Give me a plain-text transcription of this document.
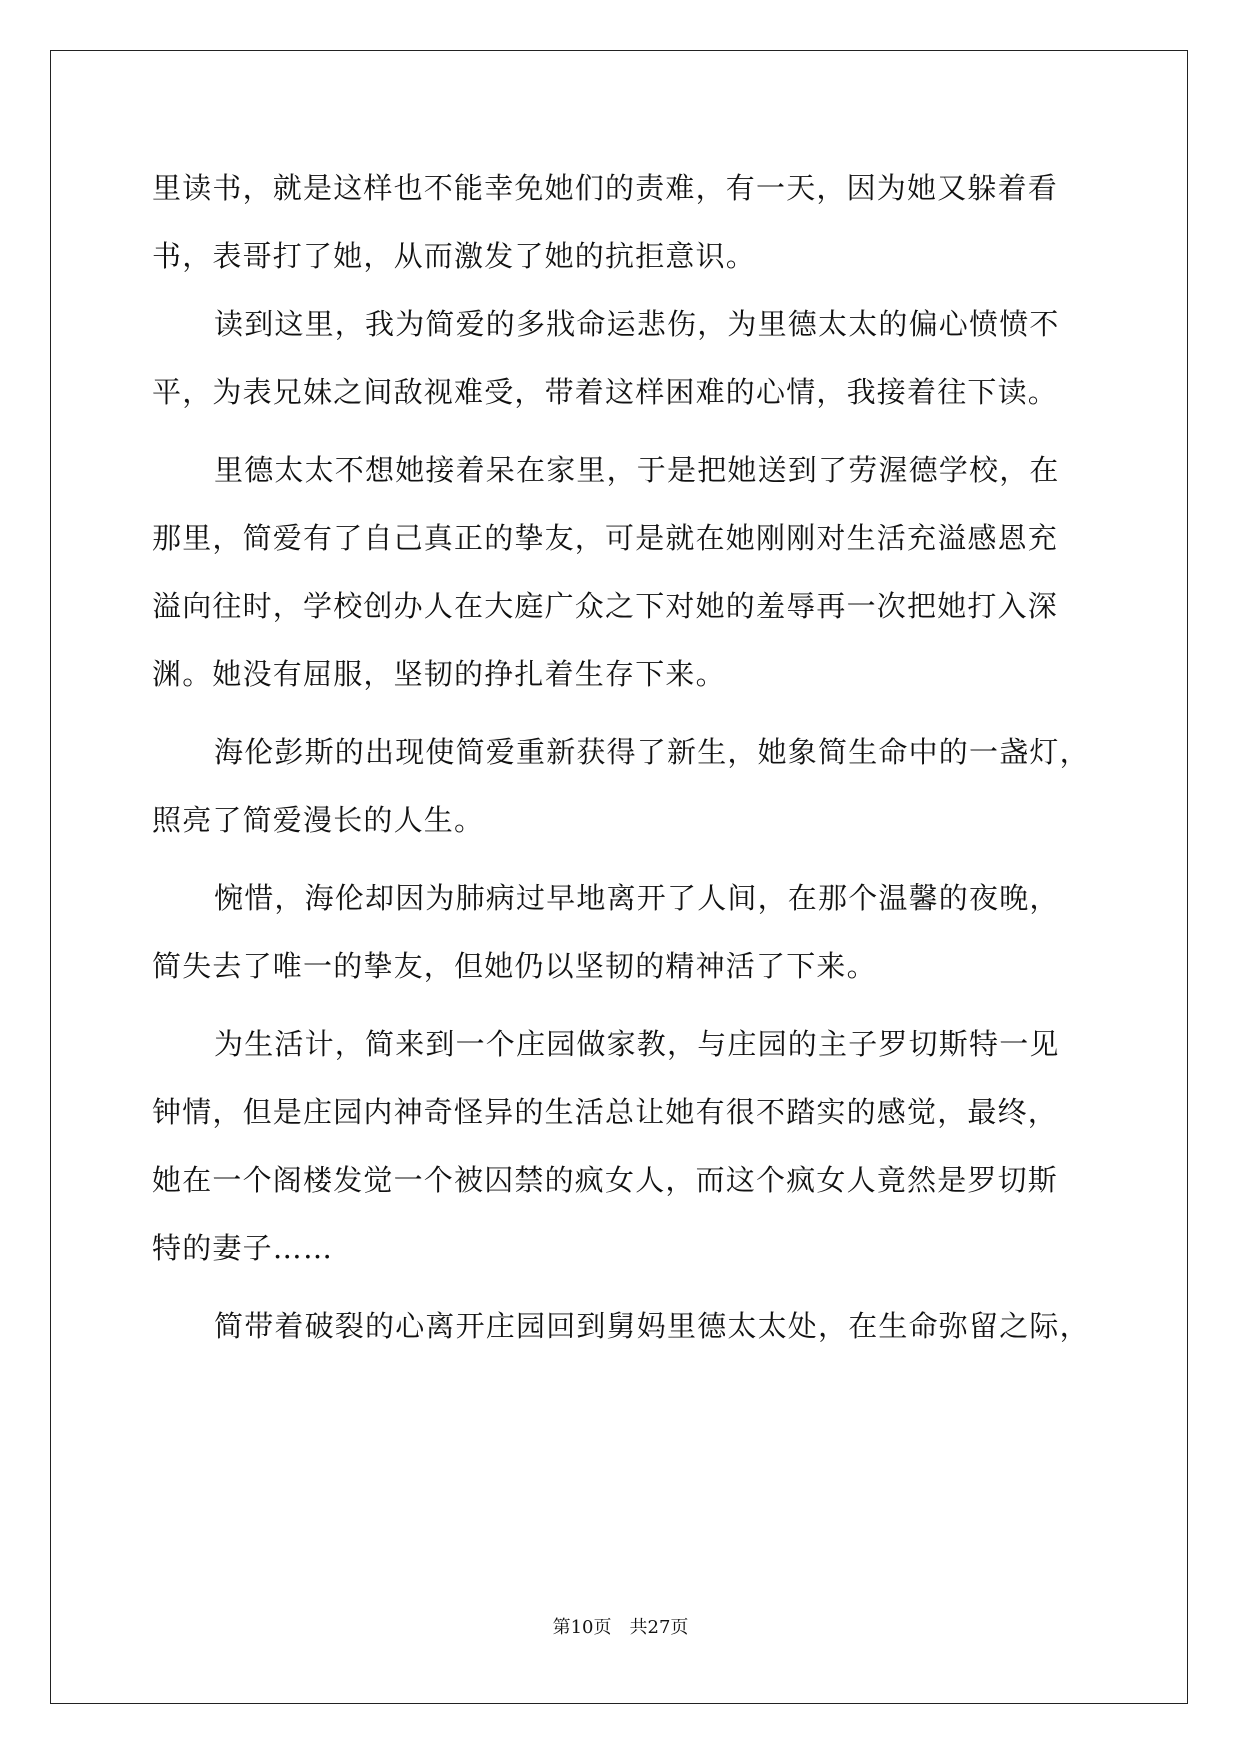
里读书，就是这样也不能幸免她们的责难，有一天，因为她又躲着看
书，表哥打了她，从而激发了她的抗拒意识。
读到这里，我为简爱的多戕命运悲伤，为里德太太的偏心愤愤不
平，为表兄妹之间敌视难受，带着这样困难的心情，我接着往下读。
里德太太不想她接着呆在家里，于是把她送到了劳渥德学校，在
那里，简爱有了自己真正的挚友，可是就在她刚刚对生活充溢感恩充
溢向往时，学校创办人在大庭广众之下对她的羞辱再一次把她打入深
渊。她没有屈服，坚韧的挣扎着生存下来。
海伦彭斯的出现使简爱重新获得了新生，她象简生命中的一盏灯，
照亮了简爱漫长的人生。
惋惜，海伦却因为肺病过早地离开了人间，在那个温馨的夜晚，
简失去了唯一的挚友，但她仍以坚韧的精神活了下来。
为生活计，简来到一个庄园做家教，与庄园的主子罗切斯特一见
钟情，但是庄园内神奇怪异的生活总让她有很不踏实的感觉，最终，
她在一个阁楼发觉一个被囚禁的疯女人，而这个疯女人竟然是罗切斯
特的妻子……
简带着破裂的心离开庄园回到舅妈里德太太处，在生命弥留之际，
第10页 共27页
